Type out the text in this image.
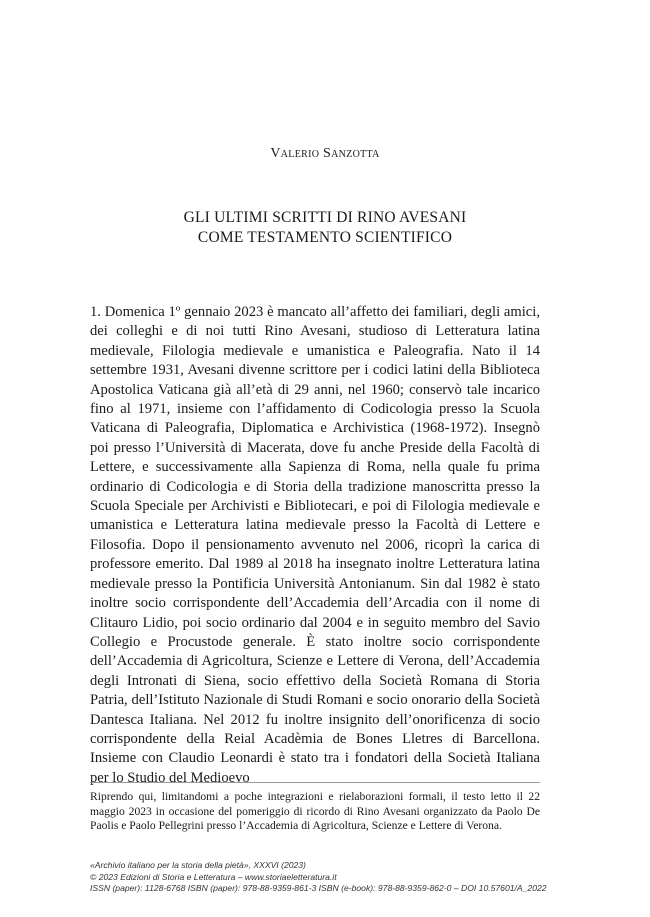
Valerio Sanzotta
GLI ULTIMI SCRITTI DI RINO AVESANI
COME TESTAMENTO SCIENTIFICO

1. Domenica 1º gennaio 2023 è mancato all’affetto dei familiari, degli amici, dei colleghi e di noi tutti Rino Avesani, studioso di Letteratura latina medievale, Filologia medievale e umanistica e Paleografia. Nato il 14 settembre 1931, Avesani divenne scrittore per i codici latini della Biblioteca Apostolica Vaticana già all’età di 29 anni, nel 1960; conservò tale incarico fino al 1971, insieme con l’affidamento di Codicologia presso la Scuola Vaticana di Paleografia, Diplomatica e Archivistica (1968-1972). Insegnò poi presso l’Università di Macerata, dove fu anche Preside della Facoltà di Lettere, e successivamente alla Sapienza di Roma, nella quale fu prima ordinario di Codicologia e di Storia della tradizione manoscritta presso la Scuola Speciale per Archivisti e Bibliotecari, e poi di Filologia medievale e umanistica e Letteratura latina medievale presso la Facoltà di Lettere e Filosofia. Dopo il pensionamento avvenuto nel 2006, ricoprì la carica di professore emerito. Dal 1989 al 2018 ha insegnato inoltre Letteratura latina medievale presso la Pontificia Università Antonianum. Sin dal 1982 è stato inoltre socio corrispondente dell’Accademia dell’Arcadia con il nome di Clitauro Lidio, poi socio ordinario dal 2004 e in seguito membro del Savio Collegio e Procustode generale. È stato inoltre socio corrispondente dell’Accademia di Agricoltura, Scienze e Lettere di Verona, dell’Accademia degli Intronati di Siena, socio effettivo della Società Romana di Storia Patria, dell’Istituto Nazionale di Studi Romani e socio onorario della Società Dantesca Italiana. Nel 2012 fu inoltre insignito dell’onorificenza di socio corrispondente della Reial Acadèmia de Bones Lletres di Barcellona. Insieme con Claudio Leonardi è stato tra i fondatori della Società Italiana per lo Studio del Medioevo

Riprendo qui, limitandomi a poche integrazioni e rielaborazioni formali, il testo letto il 22 maggio 2023 in occasione del pomeriggio di ricordo di Rino Avesani organizzato da Paolo De Paolis e Paolo Pellegrini presso l’Accademia di Agricoltura, Scienze e Lettere di Verona.

«Archivio italiano per la storia della pietà», XXXVI (2023)
© 2023 Edizioni di Storia e Letteratura – www.storiaeletteratura.it
ISSN (paper): 1128-6768 ISBN (paper): 978-88-9359-861-3 ISBN (e-book): 978-88-9359-862-0 – DOI 10.57601/A_2022
